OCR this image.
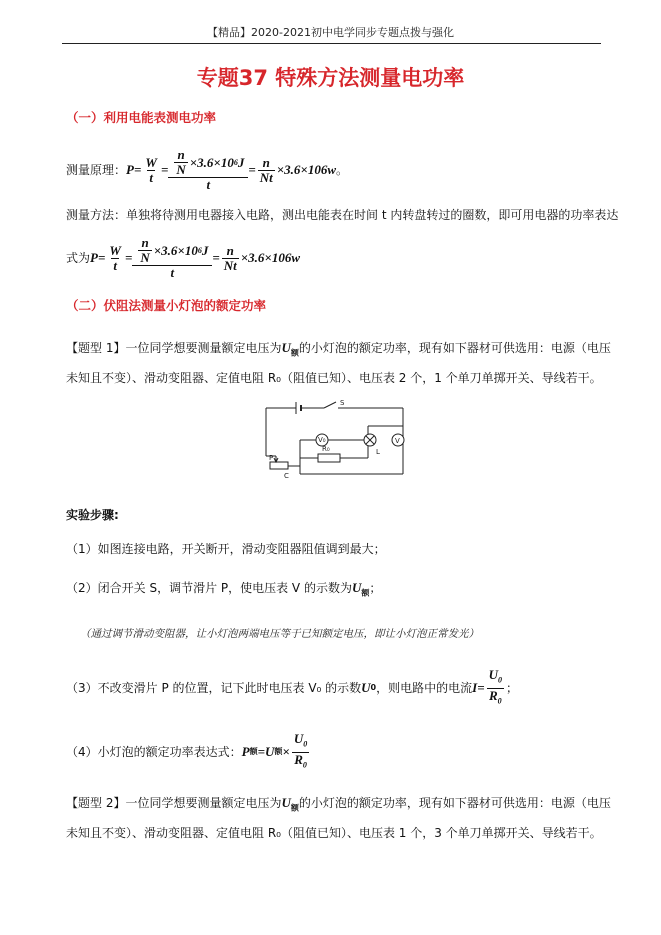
【精品】2020-2021初中电学同步专题点拨与强化
专题37 特殊方法测量电功率
（一）利用电能表测电功率
测量原理： $P = \frac{W}{t} = \frac{\frac{n}{N} \times 3.6\times 10 6 J}{t} = \frac{n}{Nt} \times 3.6\times 10$ 6 w 。
测量方法：单独将待测用电器接入电路，测出电能表在时间 t 内转盘转过的圈数，即可用电器的功率表达
式为 $P = \frac{W}{t} = \frac{\frac{n}{N} \times 3.6\times 10 6 J}{t} = \frac{n}{Nt} \times 3.6\times 10$ 6 w
（二）伏阻法测量小灯泡的额定功率
【题型 1】一位同学想要测量额定电压为$U_额$的小灯泡的额定功率，现有如下器材可供选用：电源（电压
未知且不变）、滑动变阻器、定值电阻 R₀（阻值已知）、电压表 2 个，1 个单刀单掷开关、导线若干。
S
V₀
R₀
V
L
P
C
实验步骤:
（1）如图连接电路，开关断开，滑动变阻器阻值调到最大；
（2）闭合开关 S，调节滑片 P，使电压表 V 的示数为$U_额$；
（通过调节滑动变阻器，让小灯泡两端电压等于已知额定电压，即让小灯泡正常发光）
（3）不改变滑片 P 的位置，记下此时电压表 V₀ 的示数 U 0 ，则电路中的电流 $I = \frac{U_0}{R_0}$ ；
（4）小灯泡的额定功率表达式： P 额 = U 额 × $\frac{U_0}{R_0}$
【题型 2】一位同学想要测量额定电压为$U_额$的小灯泡的额定功率，现有如下器材可供选用：电源（电压
未知且不变）、滑动变阻器、定值电阻 R₀（阻值已知）、电压表 1 个，3 个单刀单掷开关、导线若干。
